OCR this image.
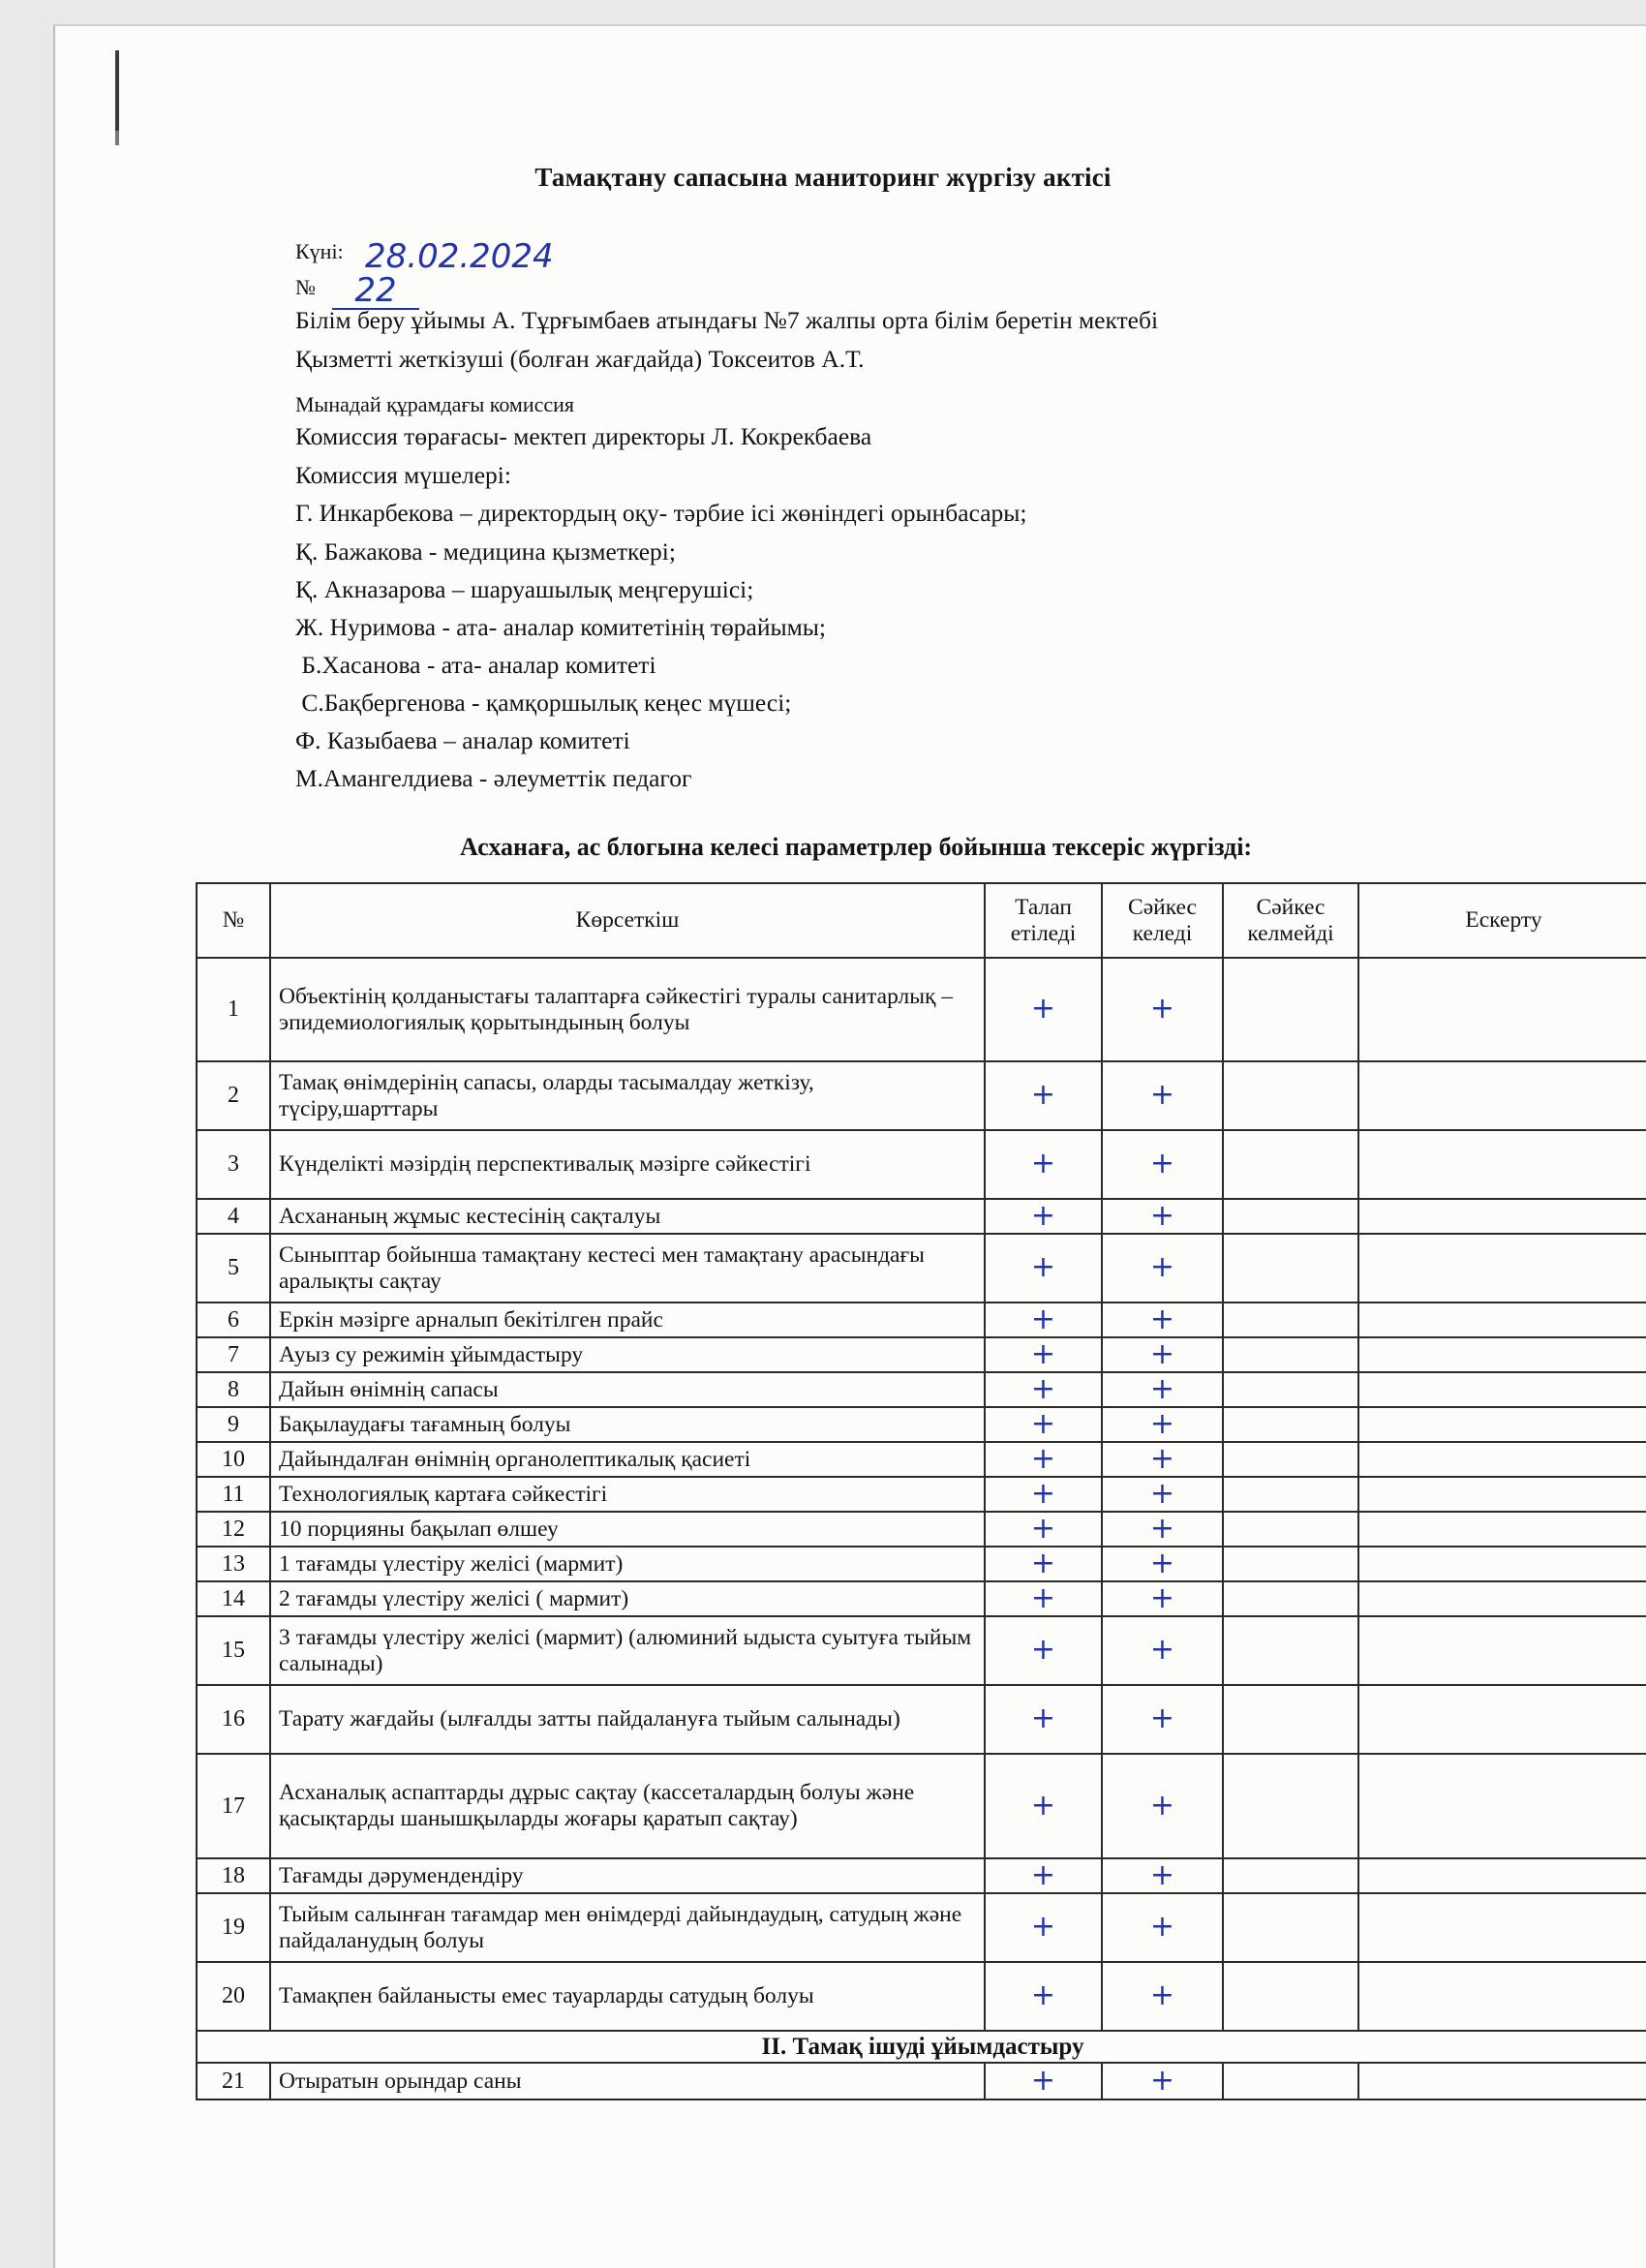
Тамақтану сапасына маниторинг жүргізу актісі
Күні: 28.02.2024
№	22
Білім беру ұйымы А. Тұрғымбаев атындағы №7 жалпы орта білім беретін мектебі
Қызметті жеткізуші (болған жағдайда) Токсеитов А.Т.
Мынадай құрамдағы комиссия
Комиссия төрағасы- мектеп директоры Л. Кокрекбаева
Комиссия мүшелері:
Г. Инкарбекова – директордың оқу- тәрбие ісі жөніндегі орынбасары;
Қ. Бажакова - медицина қызметкері;
Қ. Акназарова – шаруашылық меңгерушісі;
Ж. Нуримова - ата- аналар комитетінің төрайымы;
Б.Хасанова - ата- аналар комитеті
С.Бақбергенова - қамқоршылық кеңес мүшесі;
Ф. Казыбаева – аналар комитеті
М.Амангелдиева - әлеуметтік педагог
Асханаға, ас блогына келесі параметрлер бойынша тексеріс жүргізді:
№	Көрсеткіш	Талап етіледі	Сәйкес келеді	Сәйкес келмейді	Ескерту
1	Объектінің қолданыстағы талаптарға сәйкестігі туралы санитарлық – эпидемиологиялық қорытындының болуы	+	+		
2	Тамақ өнімдерінің сапасы, оларды тасымалдау жеткізу, түсіру,шарттары	+	+		
3	Күнделікті мәзірдің перспективалық мәзірге сәйкестігі	+	+		
4	Асхананың жұмыс кестесінің сақталуы	+	+		
5	Сыныптар бойынша тамақтану кестесі мен тамақтану арасындағы аралықты сақтау	+	+		
6	Еркін мәзірге арналып бекітілген прайс	+	+		
7	Ауыз су режимін ұйымдастыру	+	+		
8	Дайын өнімнің сапасы	+	+		
9	Бақылаудағы тағамның болуы	+	+		
10	Дайындалған өнімнің органолептикалық қасиеті	+	+		
11	Технологиялық картаға сәйкестігі	+	+		
12	10 порцияны бақылап өлшеу	+	+		
13	1 тағамды үлестіру желісі (мармит)	+	+		
14	2 тағамды үлестіру желісі ( мармит)	+	+		
15	3 тағамды үлестіру желісі (мармит) (алюминий ыдыста суытуға тыйым салынады)	+	+		
16	Тарату жағдайы (ылғалды затты пайдалануға тыйым салынады)	+	+		
17	Асханалық аспаптарды дұрыс сақтау (кассеталардың болуы және қасықтарды шанышқыларды жоғары қаратып сақтау)	+	+		
18	Тағамды дәрумендендіру	+	+		
19	Тыйым салынған тағамдар мен өнімдерді дайындаудың, сатудың және пайдаланудың болуы	+	+		
20	Тамақпен байланысты емес тауарларды сатудың болуы	+	+		
II. Тамақ ішуді ұйымдастыру					
21	Отыратын орындар саны	+	+		
